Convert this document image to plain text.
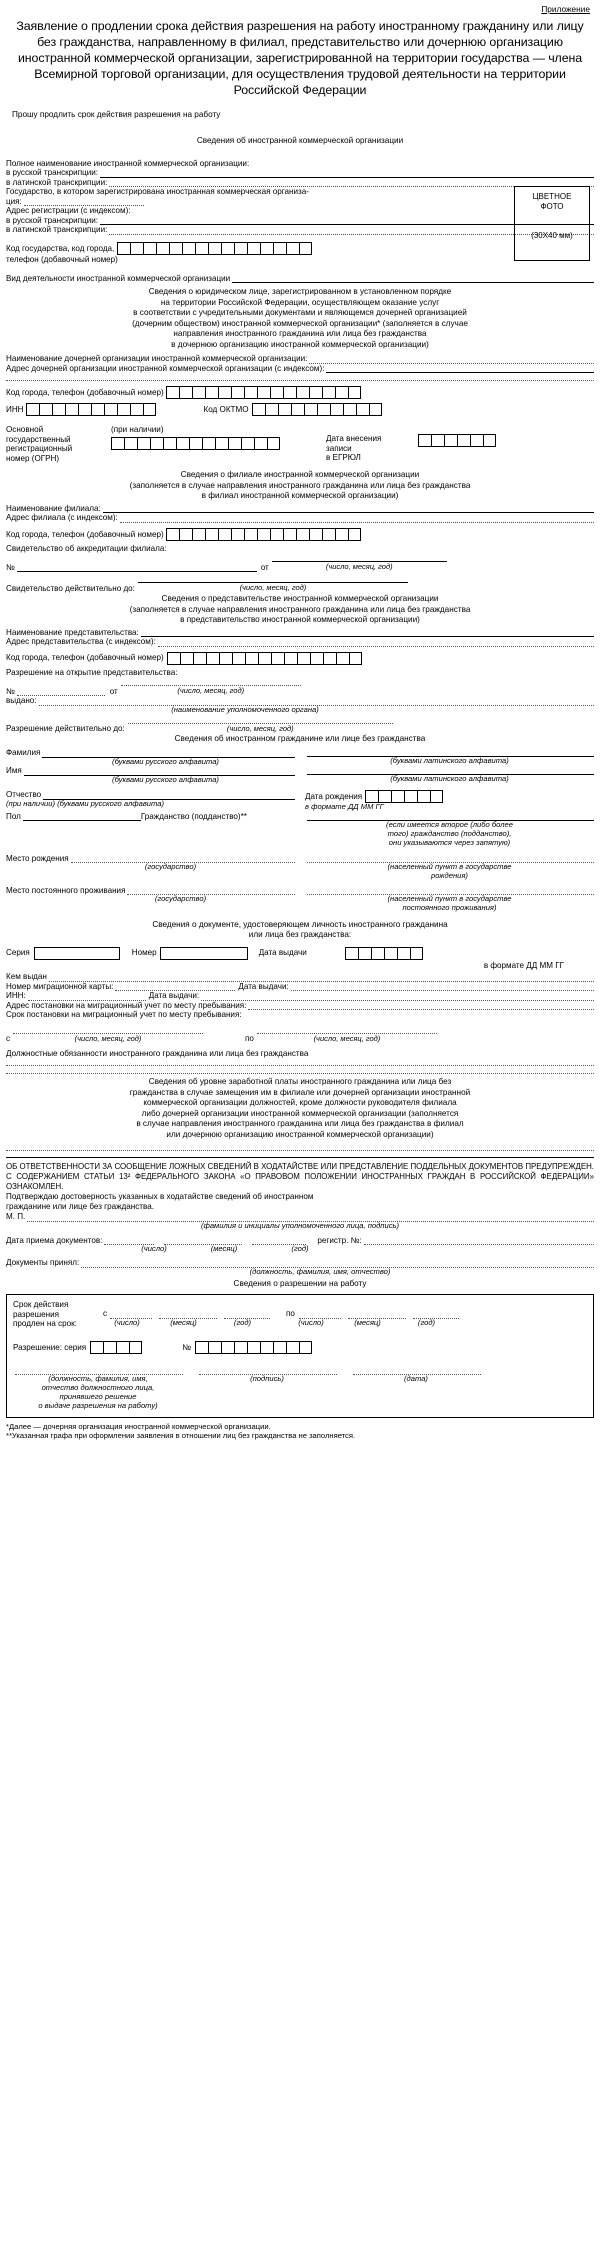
Приложение
Заявление о продлении срока действия разрешения на работу иностранному гражданину или лицу без гражданства, направленному в филиал, представительство или дочернюю организацию иностранной коммерческой организации, зарегистрированной на территории государства — члена Всемирной торговой организации, для осуществления трудовой деятельности на территории Российской Федерации
ЦВЕТНОЕ
ФОТО
(30Х40 мм)
Прошу продлить срок действия разрешения на работу
Сведения об иностранной коммерческой организации
Полное наименование иностранной коммерческой организации:
в русской транскрипции:
в латинской транскрипции:
Государство, в котором зарегистрирована иностранная коммерческая организа-
ция:
Адрес регистрации (с индексом):
в русской транскрипции:
в латинской транскрипции:
Код государства, код города,
телефон (добавочный номер)
Вид деятельности иностранной коммерческой организации
Сведения о юридическом лице, зарегистрированном в установленном порядке
на территории Российской Федерации, осуществляющем оказание услуг
в соответствии с учредительными документами и являющемся дочерней организацией
(дочерним обществом) иностранной коммерческой организации* (заполняется в случае
направления иностранного гражданина или лица без гражданства
в дочернюю организацию иностранной коммерческой организации)
Наименование дочерней организации иностранной коммерческой организации:
Адрес дочерней организации иностранной коммерческой организации (с индексом):
Код города, телефон (добавочный номер)
ИНН	Код ОКТМО
Основной
государственный
регистрационный
номер (ОГРН)
(при наличии)
Дата внесения
записи
в ЕГРЮЛ
Сведения о филиале иностранной коммерческой организации
(заполняется в случае направления иностранного гражданина или лица без гражданства
в филиал иностранной коммерческой организации)
Наименование филиала:
Адрес филиала (с индексом):
Код города, телефон (добавочный номер)
Свидетельство об аккредитации филиала:
№	от	(число, месяц, год)
Свидетельство действительно до:	(число, месяц, год)
Сведения о представительстве иностранной коммерческой организации
(заполняется в случае направления иностранного гражданина или лица без гражданства
в представительство иностранной коммерческой организации)
Наименование представительства:
Адрес представительства (с индексом):
Код города, телефон (добавочный номер)
Разрешение на открытие представительства:
№	от	(число, месяц, год)
выдано:
(наименование уполномоченного органа)
Разрешение действительно до:	(число, месяц, год)
Сведения об иностранном гражданине или лице без гражданства
Фамилия
(буквами русского алфавита)	(буквами латинского алфавита)
Имя
(буквами русского алфавита)	(буквами латинского алфавита)
Отчество
(при наличии) (буквами русского алфавита)
Дата рождения
в формате ДД ММ ГГ
Пол	Гражданство (подданство)**
(если имеется второе (либо более
того) гражданство (подданство),
они указываются через запятую)
Место рождения
(государство)	(населенный пункт в государстве
рождения)
Место постоянного проживания
(государство)	(населенный пункт в государстве
постоянного проживания)
Сведения о документе, удостоверяющем личность иностранного гражданина
или лица без гражданства:
Серия	Номер	Дата выдачи
в формате ДД ММ ГГ
Кем выдан
Номер миграционной карты:	Дата выдачи:
ИНН:	Дата выдачи:
Адрес постановки на миграционный учет по месту пребывания:
Срок постановки на миграционный учет по месту пребывания:
с	(число, месяц, год)	по	(число, месяц, год)
Должностные обязанности иностранного гражданина или лица без гражданства
Сведения об уровне заработной платы иностранного гражданина или лица без
гражданства в случае замещения им в филиале или дочерней организации иностранной
коммерческой организации должностей, кроме должности руководителя филиала
либо дочерней организации иностранной коммерческой организации (заполняется
в случае направления иностранного гражданина или лица без гражданства в филиал
или дочернюю организацию иностранной коммерческой организации)
ОБ ОТВЕТСТВЕННОСТИ ЗА СООБЩЕНИЕ ЛОЖНЫХ СВЕДЕНИЙ В ХОДАТАЙСТВЕ ИЛИ ПРЕДСТАВЛЕНИЕ ПОДДЕЛЬНЫХ ДОКУМЕНТОВ ПРЕДУПРЕЖДЕН. С СОДЕРЖАНИЕМ СТАТЬИ 13² ФЕДЕРАЛЬНОГО ЗАКОНА «О ПРАВОВОМ ПОЛОЖЕНИИ ИНОСТРАННЫХ ГРАЖДАН В РОССИЙСКОЙ ФЕДЕРАЦИИ» ОЗНАКОМЛЕН.
Подтверждаю достоверность указанных в ходатайстве сведений об иностранном
гражданине или лице без гражданства.
М. П.
(фамилия и инициалы уполномоченного лица, подпись)
Дата приема документов:	регистр. №:
(число)	(месяц)	(год)
Документы принял:
(должность, фамилия, имя, отчество)
Сведения о разрешении на работу
Срок действия
разрешения
продлен на срок:
с	по
(число)	(месяц)	(год)	(число)	(месяц)	(год)
Разрешение: серия	№
(должность, фамилия, имя,
отчество должностного лица,
принявшего решение
о выдаче разрешения на работу)
(подпись)	(дата)
*Далее — дочерняя организация иностранной коммерческой организации.
**Указанная графа при оформлении заявления в отношении лиц без гражданства не заполняется.
